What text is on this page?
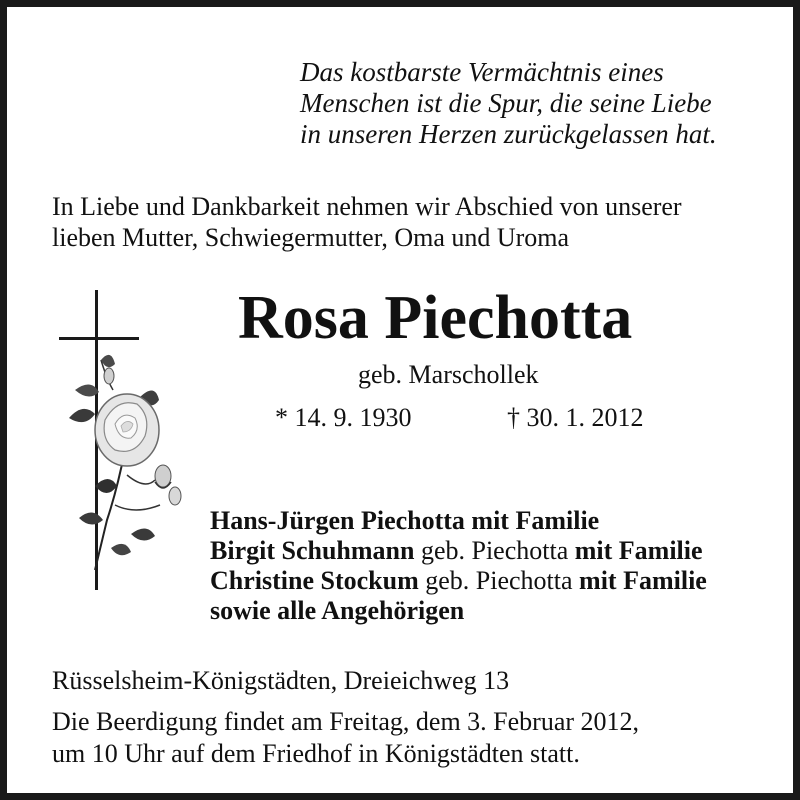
Das kostbarste Vermächtnis eines
Menschen ist die Spur, die seine Liebe
in unseren Herzen zurückgelassen hat.
In Liebe und Dankbarkeit nehmen wir Abschied von unserer
lieben Mutter, Schwiegermutter, Oma und Uroma
Rosa Piechotta
geb. Marschollek
* 14. 9. 1930	† 30. 1. 2012
Hans-Jürgen Piechotta mit Familie
Birgit Schuhmann geb. Piechotta mit Familie
Christine Stockum geb. Piechotta mit Familie
sowie alle Angehörigen
Rüsselsheim-Königstädten, Dreieichweg 13
Die Beerdigung findet am Freitag, dem 3. Februar 2012,
um 10 Uhr auf dem Friedhof in Königstädten statt.
